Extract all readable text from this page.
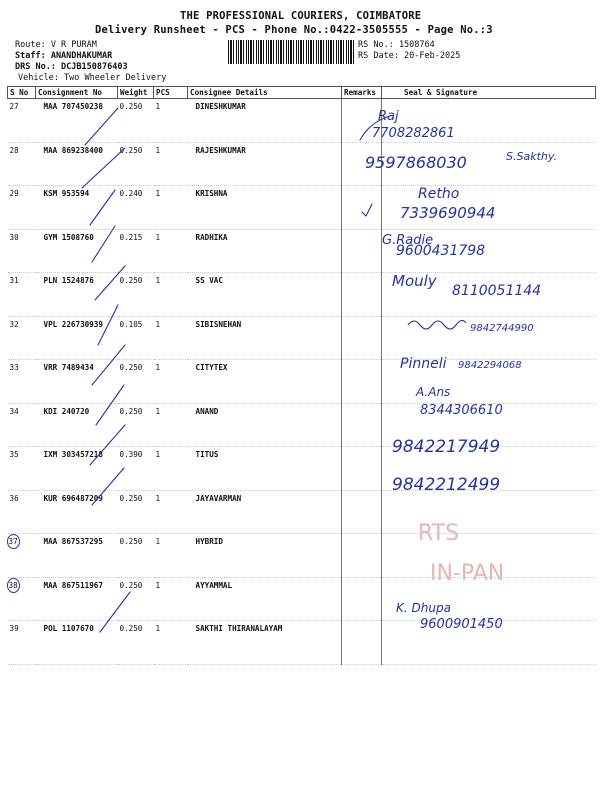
THE PROFESSIONAL COURIERS, COIMBATORE
Delivery Runsheet - PCS - Phone No.:0422-3505555 - Page No.:3
Route: V R PURAM
Staff: ANANDHAKUMAR
DRS No.: DCJB150876403
Vehicle: Two Wheeler Delivery
RS No.: 1508764
RS Date: 20-Feb-2025
S No	Consignment No	Weight	PCS	Consignee Details	Remarks	Seal & Signature
27	MAA 707450238	0.250	1	DINESHKUMAR		
28	MAA 869238400	0.250	1	RAJESHKUMAR		
29	KSM 953594	0.240	1	KRISHNA		
30	GYM 1508760	0.215	1	RADHIKA		
31	PLN 1524876	0.250	1	SS VAC		
32	VPL 226730939	0.105	1	SIBISNEHAN		
33	VRR 7489434	0.250	1	CITYTEX		
34	KDI 240720	0.250	1	ANAND		
35	IXM 303457218	0.390	1	TITUS		
36	KUR 696487209	0.250	1	JAYAVARMAN		
37	MAA 867537295	0.250	1	HYBRID		
38	MAA 867511967	0.250	1	AYYAMMAL		
39	POL 1107670	0.250	1	SAKTHI THIRANALAYAM		
Raj
7708282861
9597868030	S.Sakthy.
Retho
7339690944
G.Radie
9600431798
Mouly
8110051144
9842744990
Pinneli 9842294068
A.Ans
8344306610
9842217949
9842212499
RTS
IN-PAN
K. Dhupa
9600901450
